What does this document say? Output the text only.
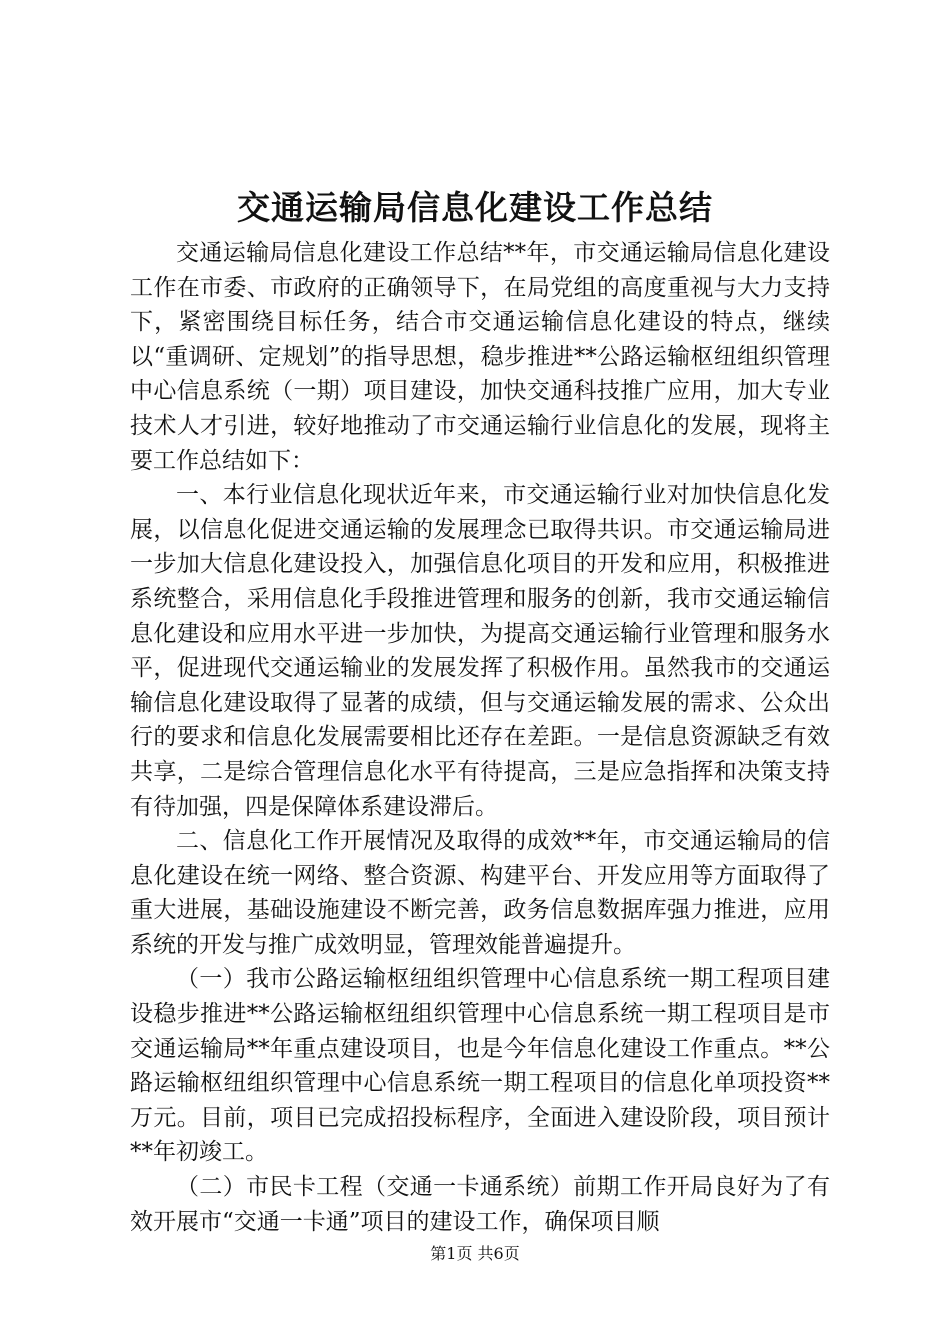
交通运输局信息化建设工作总结

交通运输局信息化建设工作总结**年，市交通运输局信息化建设工作在市委、市政府的正确领导下，在局党组的高度重视与大力支持下，紧密围绕目标任务，结合市交通运输信息化建设的特点，继续以“重调研、定规划”的指导思想，稳步推进**公路运输枢纽组织管理中心信息系统（一期）项目建设，加快交通科技推广应用，加大专业技术人才引进，较好地推动了市交通运输行业信息化的发展，现将主要工作总结如下：

一、本行业信息化现状近年来，市交通运输行业对加快信息化发展，以信息化促进交通运输的发展理念已取得共识。市交通运输局进一步加大信息化建设投入，加强信息化项目的开发和应用，积极推进系统整合，采用信息化手段推进管理和服务的创新，我市交通运输信息化建设和应用水平进一步加快，为提高交通运输行业管理和服务水平，促进现代交通运输业的发展发挥了积极作用。虽然我市的交通运输信息化建设取得了显著的成绩，但与交通运输发展的需求、公众出行的要求和信息化发展需要相比还存在差距。一是信息资源缺乏有效共享，二是综合管理信息化水平有待提高，三是应急指挥和决策支持有待加强，四是保障体系建设滞后。

二、信息化工作开展情况及取得的成效**年，市交通运输局的信息化建设在统一网络、整合资源、构建平台、开发应用等方面取得了重大进展，基础设施建设不断完善，政务信息数据库强力推进，应用系统的开发与推广成效明显，管理效能普遍提升。

（一）我市公路运输枢纽组织管理中心信息系统一期工程项目建设稳步推进**公路运输枢纽组织管理中心信息系统一期工程项目是市交通运输局**年重点建设项目，也是今年信息化建设工作重点。**公路运输枢纽组织管理中心信息系统一期工程项目的信息化单项投资**万元。目前，项目已完成招投标程序，全面进入建设阶段，项目预计**年初竣工。

（二）市民卡工程（交通一卡通系统）前期工作开局良好为了有效开展市“交通一卡通”项目的建设工作，确保项目顺

第1页 共6页
